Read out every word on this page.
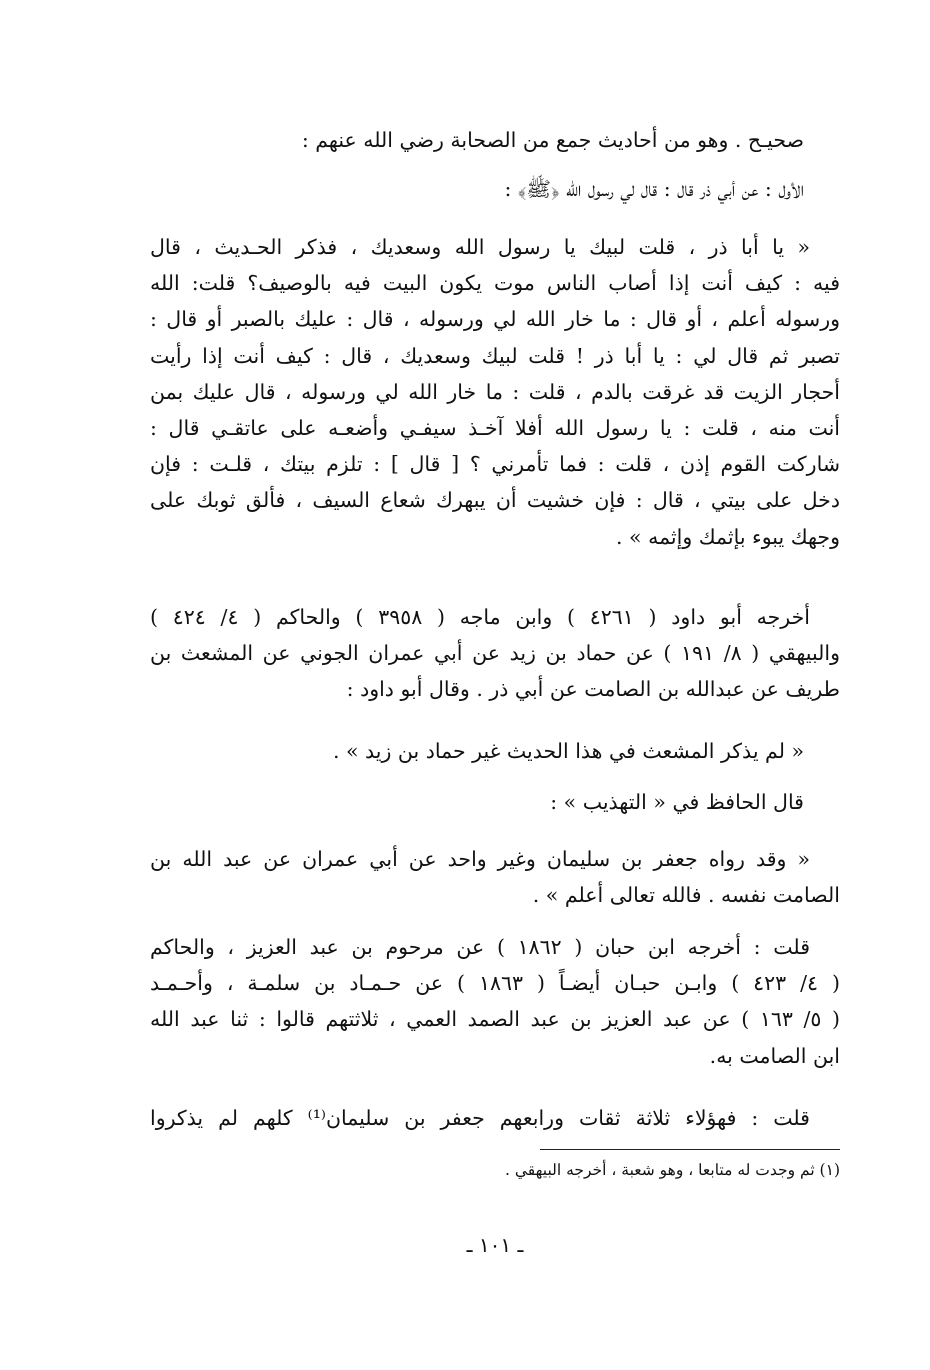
صحيـح . وهو من أحاديث جمع من الصحابة رضي الله عنهم :

الأول : عن أبي ذر قال : قال لي رسول الله ﴿ﷺ﴾ :

« يا أبا ذر ، قلت لبيك يا رسول الله وسعديك ، فذكر الحـديث ، قال
فيه : كيف أنت إذا أصاب الناس موت يكون البيت فيه بالوصيف؟ قلت: الله
ورسوله أعلم ، أو قال : ما خار الله لي ورسوله ، قال : عليك بالصبر أو قال :
تصبر ثم قال لي : يا أبا ذر ! قلت لبيك وسعديك ، قال : كيف أنت إذا رأيت
أحجار الزيت قد غرقت بالدم ، قلت : ما خار الله لي ورسوله ، قال عليك بمن
أنت منه ، قلت : يا رسول الله أفلا آخـذ سيفـي وأضعـه على عاتقـي قال :
شاركت القوم إذن ، قلت : فما تأمرني ؟ [ قال ] : تلزم بيتك ، قلـت : فإن
دخل على بيتي ، قال : فإن خشيت أن يبهرك شعاع السيف ، فألق ثوبك على
وجهك يبوء بإثمك وإثمه » .

أخرجه أبو داود ( ٤٢٦١ ) وابن ماجه ( ٣٩٥٨ ) والحاكم ( ٤/ ٤٢٤ )
والبيهقي ( ٨/ ١٩١ ) عن حماد بن زيد عن أبي عمران الجوني عن المشعث بن
طريف عن عبدالله بن الصامت عن أبي ذر . وقال أبو داود :

« لم يذكر المشعث في هذا الحديث غير حماد بن زيد » .

قال الحافظ في « التهذيب » :

« وقد رواه جعفر بن سليمان وغير واحد عن أبي عمران عن عبد الله بن
الصامت نفسه . فالله تعالى أعلم » .

قلت : أخرجه ابن حبان ( ١٨٦٢ ) عن مرحوم بن عبد العزيز ، والحاكم
( ٤/ ٤٢٣ ) وابـن حبـان أيضـاً ( ١٨٦٣ ) عن حـمـاد بن سلمـة ، وأحـمـد
( ٥/ ١٦٣ ) عن عبد العزيز بن عبد الصمد العمي ، ثلاثتهم قالوا : ثنا عبد الله
ابن الصامت به.

قلت : فهؤلاء ثلاثة ثقات ورابعهم جعفر بن سليمان⁽¹⁾ كلهم لم يذكروا

(١) ثم وجدت له متابعا ، وهو شعبة ، أخرجه البيهقي .
ـ ١٠١ ـ
